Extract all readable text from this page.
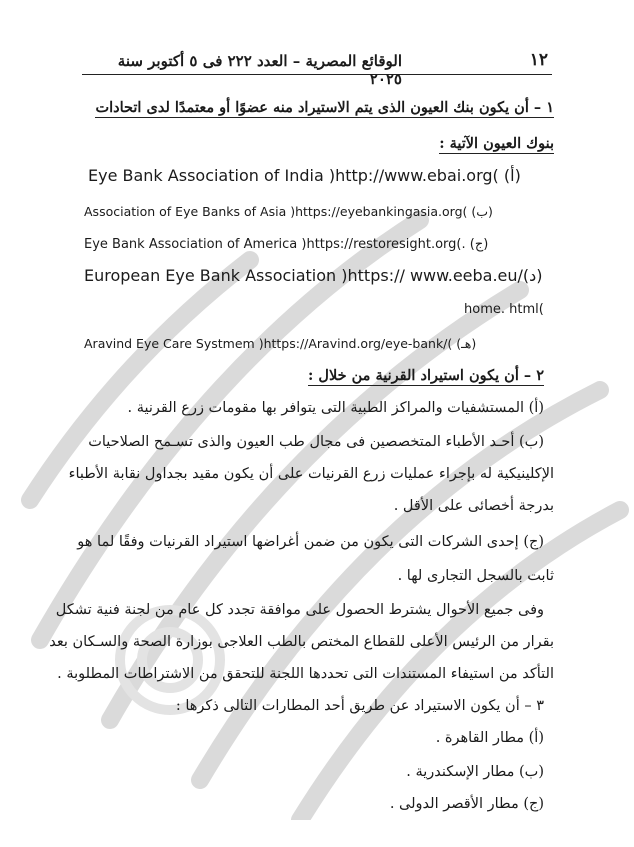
١٢
الوقائع المصرية – العدد ٢٢٢ فى ٥ أكتوبر سنة ٢٠٢٥
١ – أن يكون بنك العيون الذى يتم الاستيراد منه عضوًا أو معتمدًا لدى اتحادات
بنوك العيون الآتية :
Eye Bank Association of India )http://www.ebai.org( (أ)
Association of Eye Banks of Asia )https://eyebankingasia.org( (ب)
Eye Bank Association of America )https://restoresight.org(. (ج)
European Eye Bank Association )https:// www.eeba.eu/(د)
home. html(
Aravind Eye Care Systmem )https://Aravind.org/eye-bank/( (هـ)
٢ – أن يكون استيراد القرنية من خلال :
(أ) المستشفيات والمراكز الطبية التى يتوافر بها مقومات زرع القرنية .
(ب) أحـد الأطباء المتخصصين فى مجال طب العيون والذى تسـمح الصلاحيات
الإكلينيكية له بإجراء عمليات زرع القرنيات على أن يكون مقيد بجداول نقابة الأطباء
بدرجة أخصائى على الأقل .
(ج) إحدى الشركات التى يكون من ضمن أغراضها استيراد القرنيات وفقًا لما هو
ثابت بالسجل التجارى لها .
وفى جميع الأحوال يشترط الحصول على موافقة تجدد كل عام من لجنة فنية تشكل
بقرار من الرئيس الأعلى للقطاع المختص بالطب العلاجى بوزارة الصحة والسـكان بعد
التأكد من استيفاء المستندات التى تحددها اللجنة للتحقق من الاشتراطات المطلوبة .
٣ – أن يكون الاستيراد عن طريق أحد المطارات التالى ذكرها :
(أ) مطار القاهرة .
(ب) مطار الإسكندرية .
(ج) مطار الأقصر الدولى .
